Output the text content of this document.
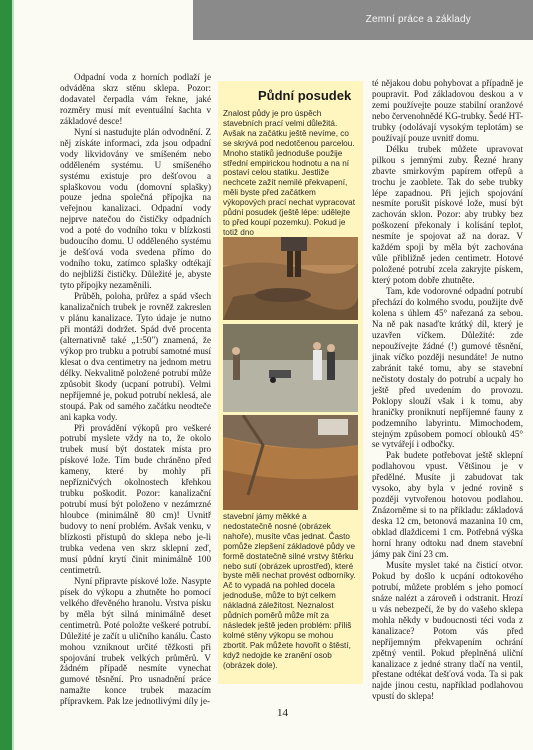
Zemní práce a základy

Odpadní voda z horních podlaží je odváděna skrz stěnu sklepa. Pozor: dodavatel čerpadla vám řekne, jaké rozměry musí mít eventuální šachta v základové desce!

Nyní si nastudujte plán odvodnění. Z něj získáte informaci, zda jsou odpadní vody likvidovány ve smíšeném nebo odděleném systému. U smíšeného systému existuje pro dešťovou a splaškovou vodu (domovní splašky) pouze jedna společná přípojka na veřejnou kanalizaci. Odpadní vody nejprve natečou do čističky odpadních vod a poté do vodního toku v blízkosti budoucího domu. U odděleného systému je dešťová voda svedena přímo do vodního toku, zatímco splašky odtékají do nejbližší čističky. Důležité je, abyste tyto přípojky nezaměnili.

Průběh, poloha, průřez a spád všech kanalizačních trubek je rovněž zakreslen v plánu kanalizace. Tyto údaje je nutno při montáži dodržet. Spád dvě procenta (alternativně také „1:50") znamená, že výkop pro trubku a potrubí samotné musí klesat o dva centimetry na jednom metru délky. Nekvalitně položené potrubí může způsobit škody (ucpaní potrubí). Velmi nepříjemné je, pokud potrubí neklesá, ale stoupá. Pak od samého začátku neodteče ani kapka vody.

Při provádění výkopů pro veškeré potrubí myslete vždy na to, že okolo trubek musí být dostatek místa pro pískové lože. Tím bude chráněno před kameny, které by mohly při nepřízničvých okolnostech křehkou trubku poškodit. Pozor: kanalizační potrubí musí být položeno v nezámrzné hloubce (minimálně 80 cm)! Uvnitř budovy to není problém. Avšak venku, v blízkosti přístupů do sklepa nebo je-li trubka vedena ven skrz sklepní zeď, musí půdní krytí činit minimálně 100 centimetrů.

Nyní připravte pískové lože. Nasypte písek do výkopu a zhutněte ho pomocí velkého dřevěného hranolu. Vrstva písku by měla být silná minimálně deset centimetrů. Poté položte veškeré potrubí. Důležité je začít u uličního kanálu. Často mohou vzniknout určité těžkosti při spojování trubek velkých průměrů. V žádném případě nesmíte vynechat gumové těsnění. Pro usnadnění práce namažte konce trubek mazacím přípravkem. Pak lze jednotlivými díly je-

Půdní posudek
Znalost půdy je pro úspěch stavebních prací velmi důležitá. Avšak na začátku ještě nevíme, co se skrývá pod nedotčenou parcelou. Mnoho statiků jednoduše použije střední empirickou hodnotu a na ní postaví celou statiku. Jestliže nechcete zažít nemilé překvapení, měli byste před začátkem výkopových prací nechat vypracovat půdní posudek (ještě lépe: udělejte to před koupí pozemku). Pokud je totiž dno
stavební jámy měkké a nedostatečně nosné (obrázek nahoře), musíte včas jednat. Často pomůže zlepšení základové půdy ve formě dostatečně silné vrstvy štěrku nebo sutí (obrázek uprostřed), které byste měli nechat provést odborníky. Ač to vypadá na pohled docela jednoduše, může to být celkem nákladná záležitost. Neznalost půdních poměrů může mít za následek ještě jeden problém: příliš kolmé stěny výkopu se mohou zbortit. Pak můžete hovořit o štěstí, když nedojde ke zranění osob (obrázek dole).

té nějakou dobu pohybovat a případně je poupravit. Pod základovou deskou a v zemi používejte pouze stabilní oranžové nebo červenohnědé KG-trubky. Šedé HT-trubky (odolávají vysokým teplotám) se používají pouze uvnitř domu.

Délku trubek můžete upravovat pilkou s jemnými zuby. Řezné hrany zbavte smirkovým papírem otřepů a trochu je zaoblete. Tak do sebe trubky lépe zapadnou. Při jejich spojování nesmíte porušit pískové lože, musí být zachován sklon. Pozor: aby trubky bez poškození překonaly i kolísání teplot, nesmíte je spojovat až na doraz. V každém spoji by měla být zachována vůle přibližně jeden centimetr. Hotové položené potrubí zcela zakryjte pískem, který potom dobře zhutněte.

Tam, kde vodorovné odpadní potrubí přechází do kolmého svodu, použijte dvě kolena s úhlem 45° nařezaná za sebou. Na ně pak nasaďte krátký díl, který je uzavřen víčkem. Důležité: zde nepoužívejte žádné (!) gumové těsnění, jinak víčko později nesundáte! Je nutno zabránit také tomu, aby se stavební nečistoty dostaly do potrubí a ucpaly ho ještě před uvedením do provozu. Poklopy slouží však i k tomu, aby hraničky proniknutí nepříjemné fauny z podzemního labyrintu. Mimochodem, stejným způsobem pomocí oblouků 45° se vytvářejí i odbočky.

Pak budete potřebovat ještě sklepní podlahovou vpust. Většinou je v předělné. Musíte ji zabudovat tak vysoko, aby byla v jedné rovině s později vytvořenou hotovou podlahou. Znázorněme si to na příkladu: základová deska 12 cm, betonová mazanina 10 cm, obklad dlaždicemi 1 cm. Potřebná výška horní hrany odtoku nad dnem stavební jámy pak činí 23 cm.

Musíte myslet také na čisticí otvor. Pokud by došlo k ucpání odtokového potrubí, můžete problém s jeho pomocí snáze nalézt a zároveň i odstranit. Hrozí u vás nebezpečí, že by do vašeho sklepa mohla někdy v budoucnosti téci voda z kanalizace? Potom vás před nepříjemným překvapením ochrání zpětný ventil. Pokud přeplněná uliční kanalizace z jedné strany tlačí na ventil, přestane odtékat dešťová voda. Ta si pak najde jinou cestu, například podlahovou vpustí do sklepa!

14
